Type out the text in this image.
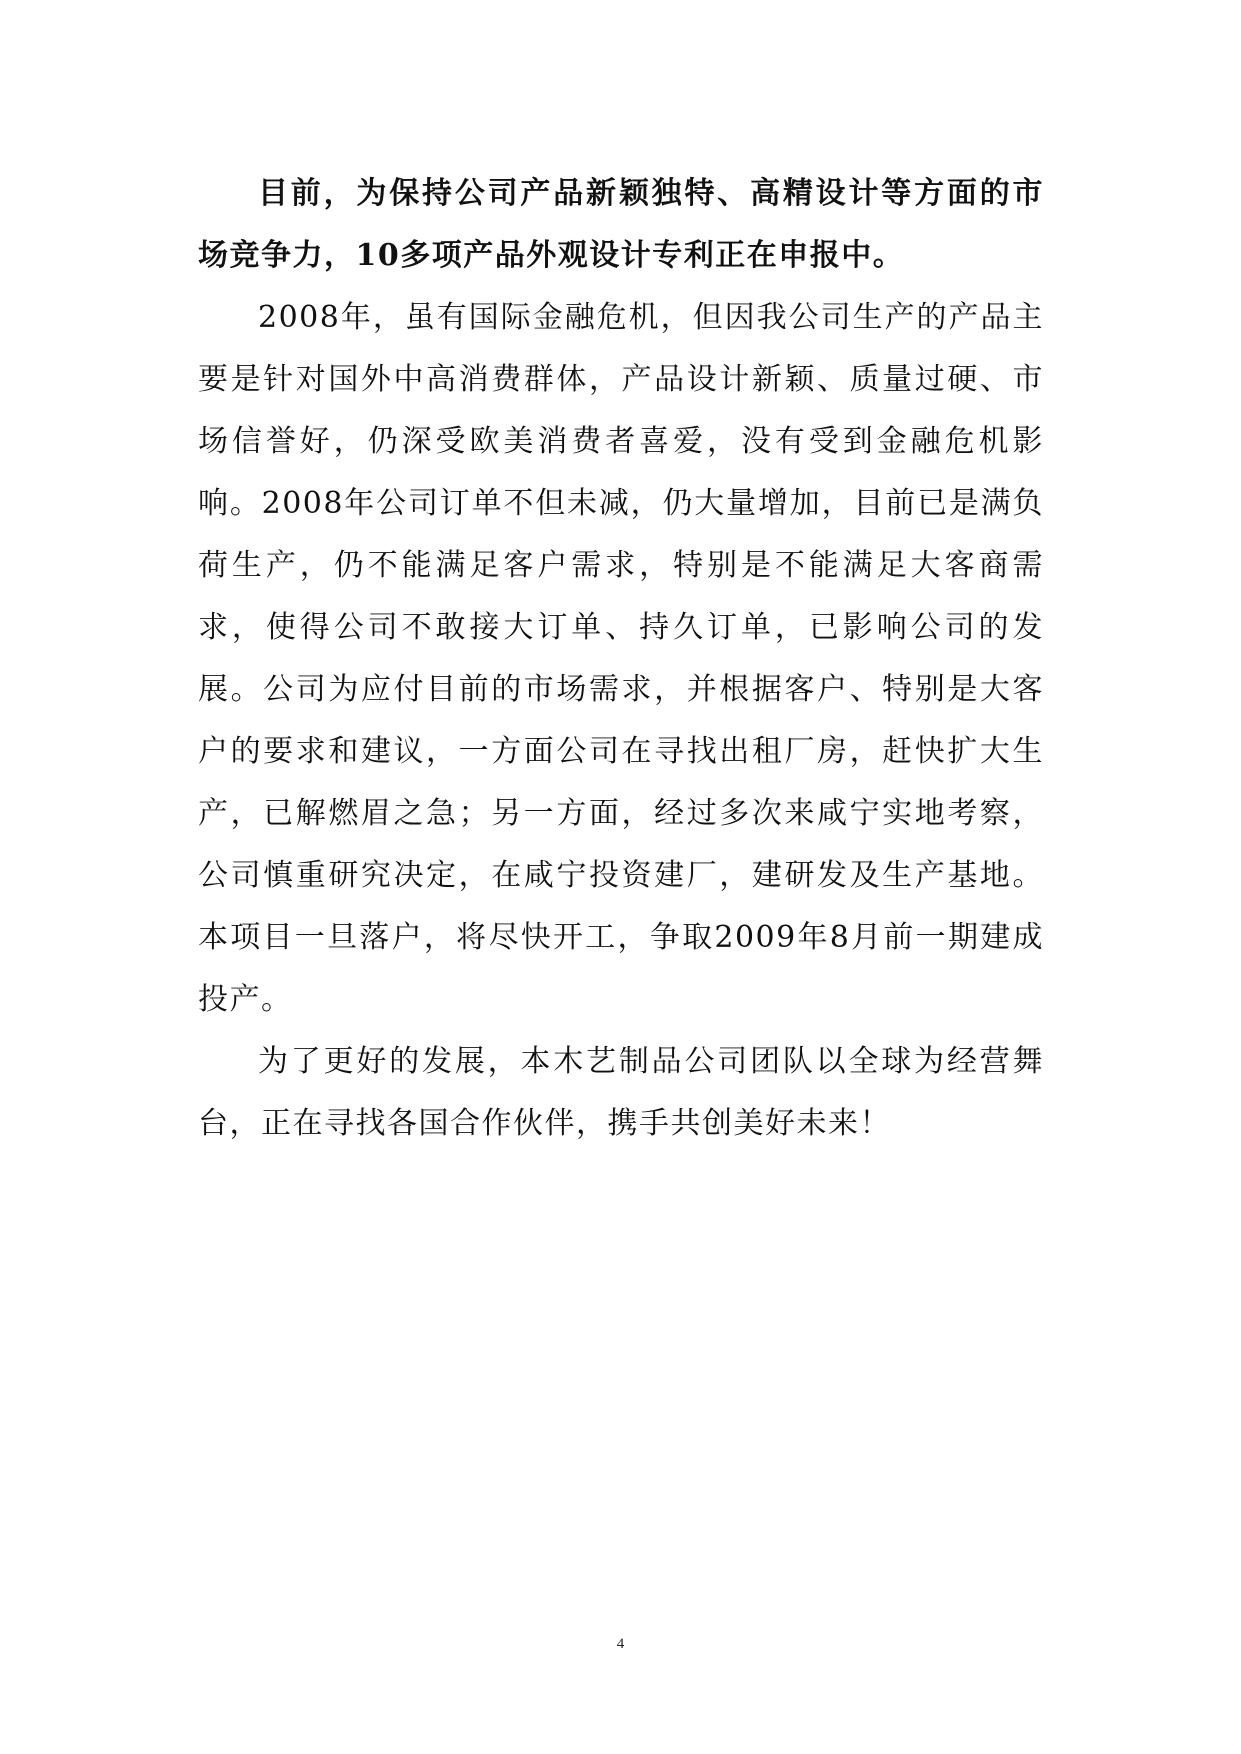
目前，为保持公司产品新颖独特、高精设计等方面的市场竞争力，10多项产品外观设计专利正在申报中。

2008年，虽有国际金融危机，但因我公司生产的产品主要是针对国外中高消费群体，产品设计新颖、质量过硬、市场信誉好，仍深受欧美消费者喜爱，没有受到金融危机影响。2008年公司订单不但未减，仍大量增加，目前已是满负荷生产，仍不能满足客户需求，特别是不能满足大客商需求，使得公司不敢接大订单、持久订单，已影响公司的发展。公司为应付目前的市场需求，并根据客户、特别是大客户的要求和建议，一方面公司在寻找出租厂房，赶快扩大生产，已解燃眉之急；另一方面，经过多次来咸宁实地考察，公司慎重研究决定，在咸宁投资建厂，建研发及生产基地。本项目一旦落户，将尽快开工，争取2009年8月前一期建成投产。

为了更好的发展，本木艺制品公司团队以全球为经营舞台，正在寻找各国合作伙伴，携手共创美好未来！

4
